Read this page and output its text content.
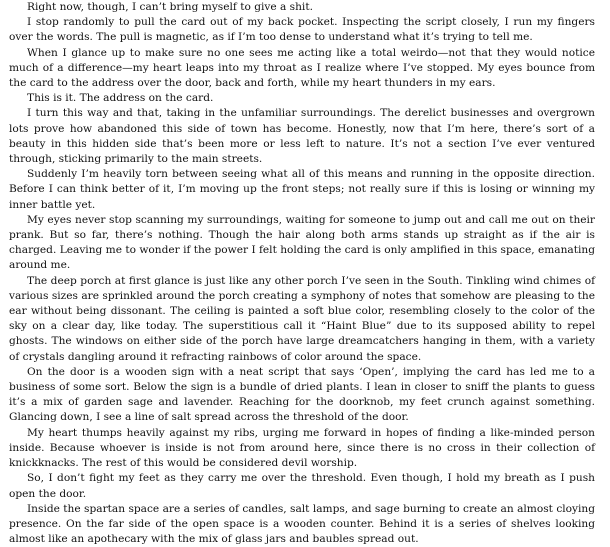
Right now, though, I can’t bring myself to give a shit.

I stop randomly to pull the card out of my back pocket. Inspecting the script closely, I run my fingers over the words. The pull is magnetic, as if I’m too dense to understand what it’s trying to tell me.

When I glance up to make sure no one sees me acting like a total weirdo—not that they would notice much of a difference—my heart leaps into my throat as I realize where I’ve stopped. My eyes bounce from the card to the address over the door, back and forth, while my heart thunders in my ears.

This is it. The address on the card.

I turn this way and that, taking in the unfamiliar surroundings. The derelict businesses and overgrown lots prove how abandoned this side of town has become. Honestly, now that I’m here, there’s sort of a beauty in this hidden side that’s been more or less left to nature. It’s not a section I’ve ever ventured through, sticking primarily to the main streets.

Suddenly I’m heavily torn between seeing what all of this means and running in the opposite direction. Before I can think better of it, I’m moving up the front steps; not really sure if this is losing or winning my inner battle yet.

My eyes never stop scanning my surroundings, waiting for someone to jump out and call me out on their prank. But so far, there’s nothing. Though the hair along both arms stands up straight as if the air is charged. Leaving me to wonder if the power I felt holding the card is only amplified in this space, emanating around me.

The deep porch at first glance is just like any other porch I’ve seen in the South. Tinkling wind chimes of various sizes are sprinkled around the porch creating a symphony of notes that somehow are pleasing to the ear without being dissonant. The ceiling is painted a soft blue color, resembling closely to the color of the sky on a clear day, like today. The superstitious call it “Haint Blue” due to its supposed ability to repel ghosts. The windows on either side of the porch have large dreamcatchers hanging in them, with a variety of crystals dangling around it refracting rainbows of color around the space.

On the door is a wooden sign with a neat script that says ‘Open’, implying the card has led me to a business of some sort. Below the sign is a bundle of dried plants. I lean in closer to sniff the plants to guess it’s a mix of garden sage and lavender. Reaching for the doorknob, my feet crunch against something. Glancing down, I see a line of salt spread across the threshold of the door.

My heart thumps heavily against my ribs, urging me forward in hopes of finding a like-minded person inside. Because whoever is inside is not from around here, since there is no cross in their collection of knickknacks. The rest of this would be considered devil worship.

So, I don’t fight my feet as they carry me over the threshold. Even though, I hold my breath as I push open the door.

Inside the spartan space are a series of candles, salt lamps, and sage burning to create an almost cloying presence. On the far side of the open space is a wooden counter. Behind it is a series of shelves looking almost like an apothecary with the mix of glass jars and baubles spread out.
